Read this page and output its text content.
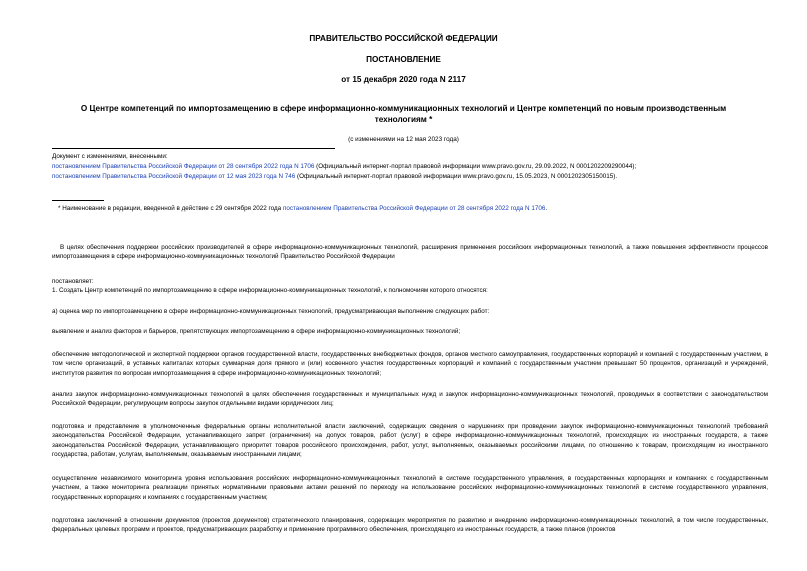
ПРАВИТЕЛЬСТВО РОССИЙСКОЙ ФЕДЕРАЦИИ
ПОСТАНОВЛЕНИЕ
от 15 декабря 2020 года N 2117
О Центре компетенций по импортозамещению в сфере информационно-коммуникационных технологий и Центре компетенций по новым производственным технологиям *
(с изменениями на 12 мая 2023 года)
Документ с изменениями, внесенными:
постановлением Правительства Российской Федерации от 28 сентября 2022 года N 1706 (Официальный интернет-портал правовой информации www.pravo.gov.ru, 29.09.2022, N 0001202209290044);
постановлением Правительства Российской Федерации от 12 мая 2023 года N 746 (Официальный интернет-портал правовой информации www.pravo.gov.ru, 15.05.2023, N 0001202305150015).
* Наименование в редакции, введенной в действие с 29 сентября 2022 года постановлением Правительства Российской Федерации от 28 сентября 2022 года N 1706.
В целях обеспечения поддержки российских производителей в сфере информационно-коммуникационных технологий, расширения применения российских информационных технологий, а также повышения эффективности процессов импортозамещения в сфере информационно-коммуникационных технологий Правительство Российской Федерации
постановляет:
1. Создать Центр компетенций по импортозамещению в сфере информационно-коммуникационных технологий, к полномочиям которого относятся:
а) оценка мер по импортозамещению в сфере информационно-коммуникационных технологий, предусматривающая выполнение следующих работ:
выявление и анализ факторов и барьеров, препятствующих импортозамещению в сфере информационно-коммуникационных технологий;
обеспечение методологической и экспертной поддержки органов государственной власти, государственных внебюджетных фондов, органов местного самоуправления, государственных корпораций и компаний с государственным участием, в том числе организаций, в уставных капиталах которых суммарная доля прямого и (или) косвенного участия государственных корпораций и компаний с государственным участием превышает 50 процентов, организаций и учреждений, институтов развития по вопросам импортозамещения в сфере информационно-коммуникационных технологий;
анализ закупок информационно-коммуникационных технологий в целях обеспечения государственных и муниципальных нужд и закупок информационно-коммуникационных технологий, проводимых в соответствии с законодательством Российской Федерации, регулирующим вопросы закупок отдельными видами юридических лиц;
подготовка и представление в уполномоченные федеральные органы исполнительной власти заключений, содержащих сведения о нарушениях при проведении закупок информационно-коммуникационных технологий требований законодательства Российской Федерации, устанавливающего запрет (ограничения) на допуск товаров, работ (услуг) в сфере информационно-коммуникационных технологий, происходящих из иностранных государств, а также законодательства Российской Федерации, устанавливающего приоритет товаров российского происхождения, работ, услуг, выполняемых, оказываемых российскими лицами, по отношению к товарам, происходящим из иностранного государства, работам, услугам, выполняемым, оказываемым иностранными лицами;
осуществление независимого мониторинга уровня использования российских информационно-коммуникационных технологий в системе государственного управления, в государственных корпорациях и компаниях с государственным участием, а также мониторинга реализации принятых нормативными правовыми актами решений по переходу на использование российских информационно-коммуникационных технологий в системе государственного управления, государственных корпорациях и компаниях с государственным участием;
подготовка заключений в отношении документов (проектов документов) стратегического планирования, содержащих мероприятия по развитию и внедрению информационно-коммуникационных технологий, в том числе государственных, федеральных целевых программ и проектов, предусматривающих разработку и применение программного обеспечения, происходящего из иностранных государств, а также планов (проектов
